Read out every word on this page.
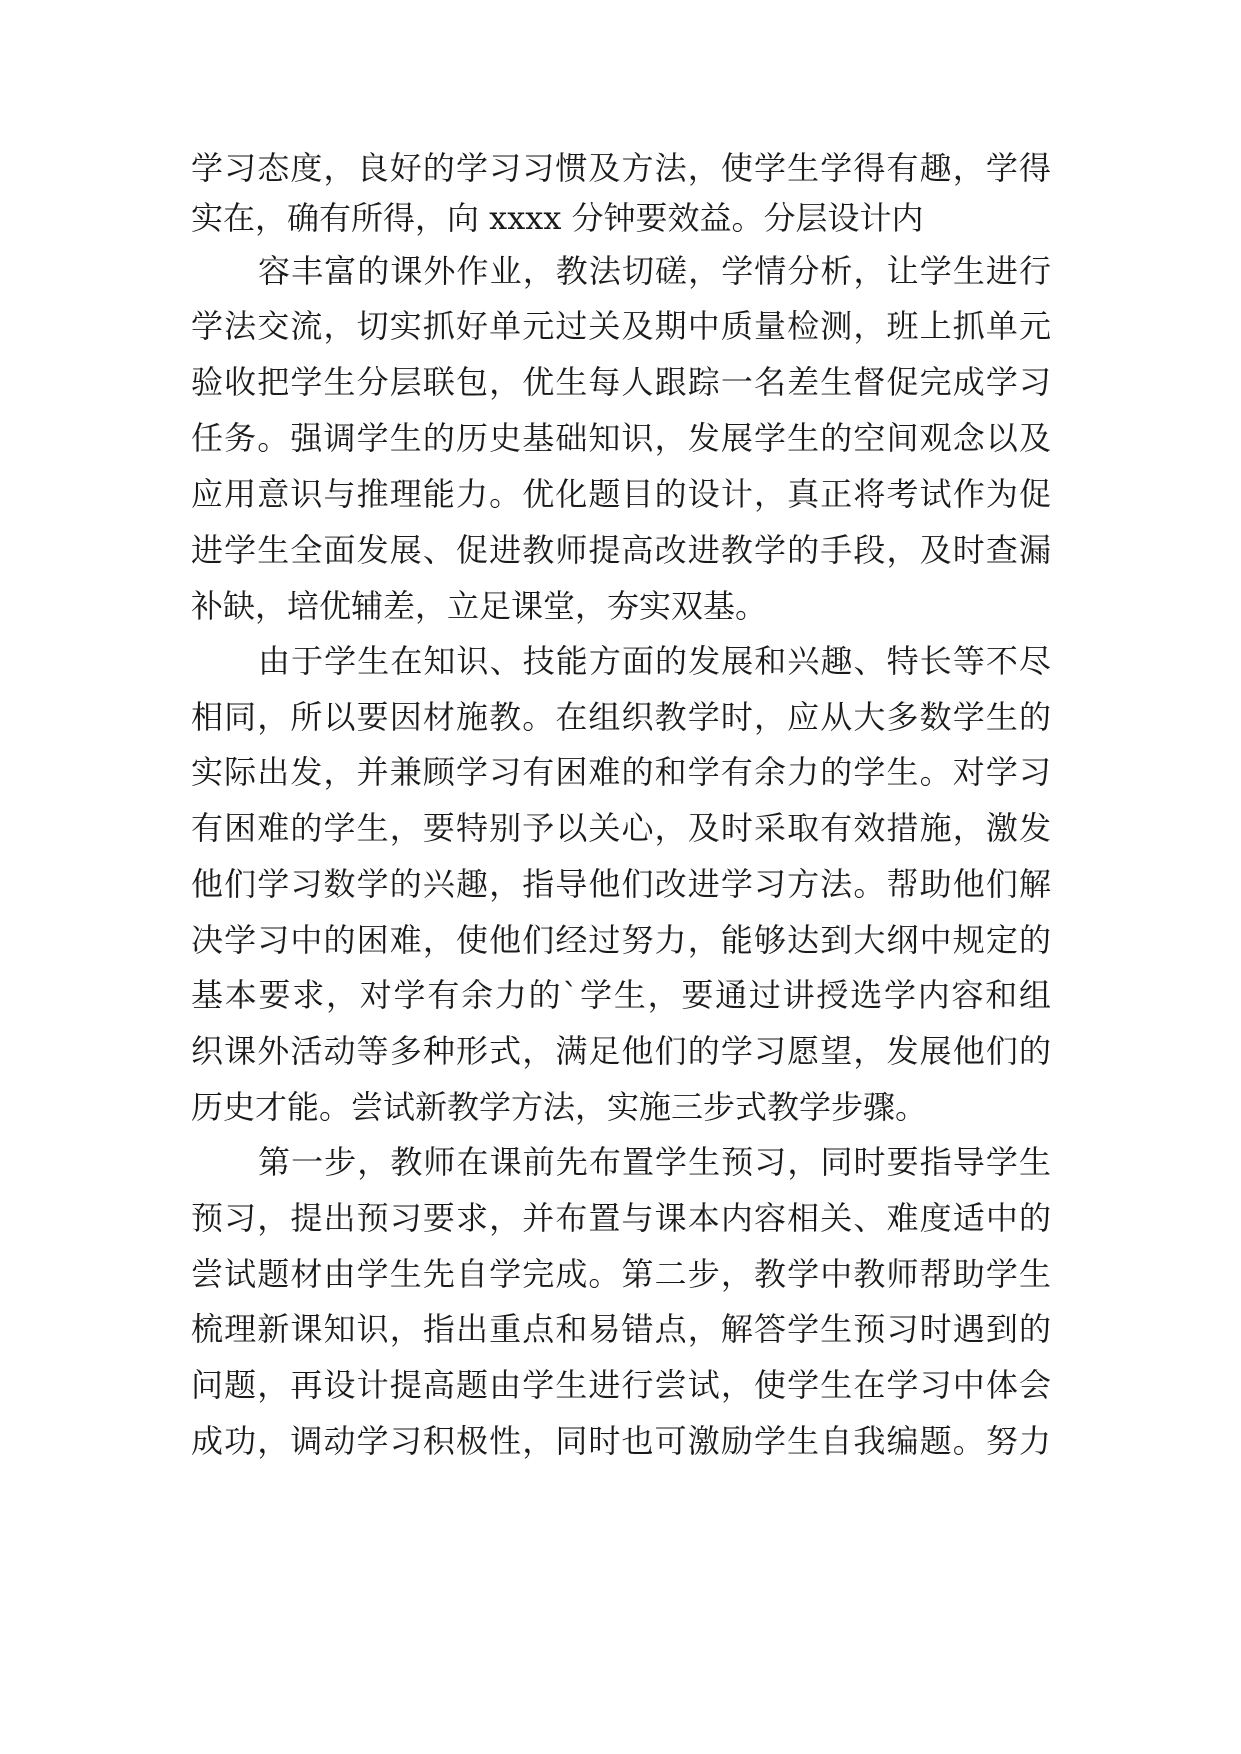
学习态度，良好的学习习惯及方法，使学生学得有趣，学得
实在，确有所得，向 xxxx 分钟要效益。分层设计内
容丰富的课外作业，教法切磋，学情分析，让学生进行
学法交流，切实抓好单元过关及期中质量检测，班上抓单元
验收把学生分层联包，优生每人跟踪一名差生督促完成学习
任务。强调学生的历史基础知识，发展学生的空间观念以及
应用意识与推理能力。优化题目的设计，真正将考试作为促
进学生全面发展、促进教师提高改进教学的手段，及时查漏
补缺，培优辅差，立足课堂，夯实双基。
由于学生在知识、技能方面的发展和兴趣、特长等不尽
相同，所以要因材施教。在组织教学时，应从大多数学生的
实际出发，并兼顾学习有困难的和学有余力的学生。对学习
有困难的学生，要特别予以关心，及时采取有效措施，激发
他们学习数学的兴趣，指导他们改进学习方法。帮助他们解
决学习中的困难，使他们经过努力，能够达到大纲中规定的
基本要求，对学有余力的`学生，要通过讲授选学内容和组
织课外活动等多种形式，满足他们的学习愿望，发展他们的
历史才能。尝试新教学方法，实施三步式教学步骤。
第一步，教师在课前先布置学生预习，同时要指导学生
预习，提出预习要求，并布置与课本内容相关、难度适中的
尝试题材由学生先自学完成。第二步，教学中教师帮助学生
梳理新课知识，指出重点和易错点，解答学生预习时遇到的
问题，再设计提高题由学生进行尝试，使学生在学习中体会
成功，调动学习积极性，同时也可激励学生自我编题。努力
